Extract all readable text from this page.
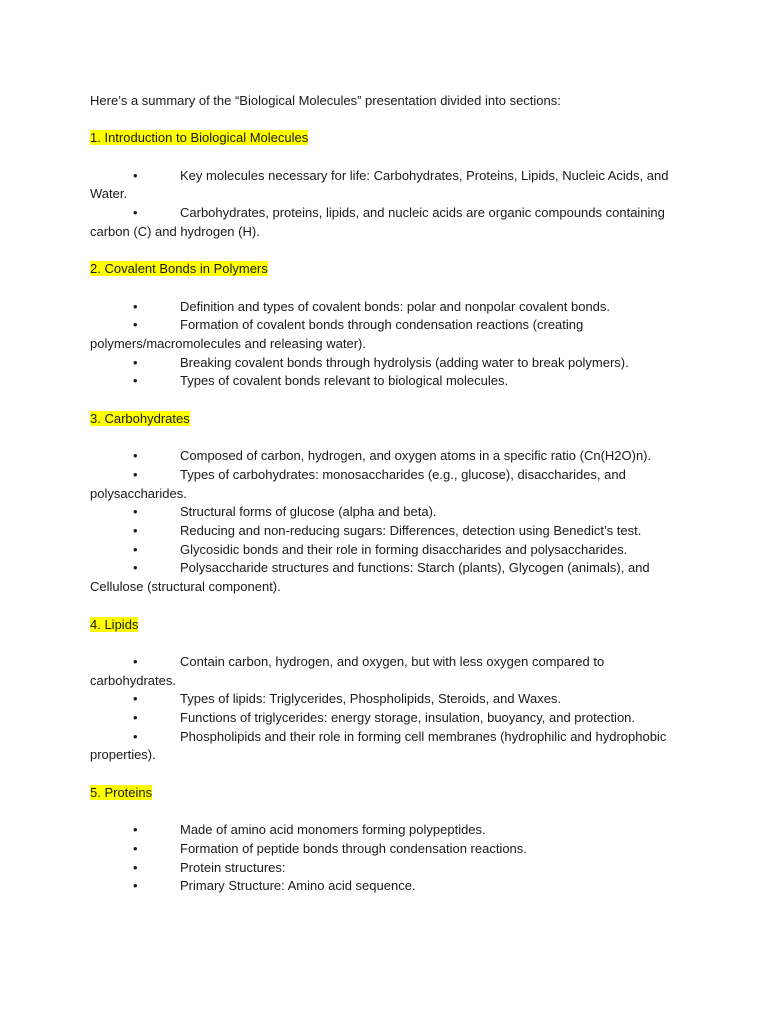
Here’s a summary of the “Biological Molecules” presentation divided into sections:

1. Introduction to Biological Molecules

•	Key molecules necessary for life: Carbohydrates, Proteins, Lipids, Nucleic Acids, and Water.
•	Carbohydrates, proteins, lipids, and nucleic acids are organic compounds containing carbon (C) and hydrogen (H).

2. Covalent Bonds in Polymers

•	Definition and types of covalent bonds: polar and nonpolar covalent bonds.
•	Formation of covalent bonds through condensation reactions (creating polymers/macromolecules and releasing water).
•	Breaking covalent bonds through hydrolysis (adding water to break polymers).
•	Types of covalent bonds relevant to biological molecules.

3. Carbohydrates

•	Composed of carbon, hydrogen, and oxygen atoms in a specific ratio (Cn(H2O)n).
•	Types of carbohydrates: monosaccharides (e.g., glucose), disaccharides, and polysaccharides.
•	Structural forms of glucose (alpha and beta).
•	Reducing and non-reducing sugars: Differences, detection using Benedict’s test.
•	Glycosidic bonds and their role in forming disaccharides and polysaccharides.
•	Polysaccharide structures and functions: Starch (plants), Glycogen (animals), and Cellulose (structural component).

4. Lipids

•	Contain carbon, hydrogen, and oxygen, but with less oxygen compared to carbohydrates.
•	Types of lipids: Triglycerides, Phospholipids, Steroids, and Waxes.
•	Functions of triglycerides: energy storage, insulation, buoyancy, and protection.
•	Phospholipids and their role in forming cell membranes (hydrophilic and hydrophobic properties).

5. Proteins

•	Made of amino acid monomers forming polypeptides.
•	Formation of peptide bonds through condensation reactions.
•	Protein structures:
•	Primary Structure: Amino acid sequence.
